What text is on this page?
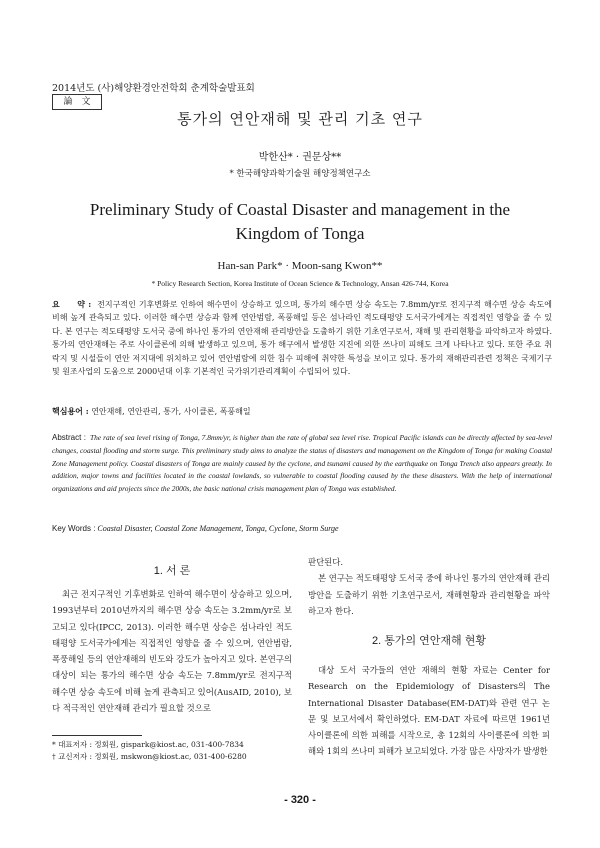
2014년도 (사)해양환경안전학회 춘계학술발표회
論　文
통가의 연안재해 및 관리 기초 연구
박한산* · 권문상**
* 한국해양과학기술원 해양정책연구소
Preliminary Study of Coastal Disaster and management in the Kingdom of Tonga
Han-san Park* · Moon-sang Kwon**
* Policy Research Section, Korea Institute of Ocean Science & Technology, Ansan 426-744, Korea
요　　약 : 전지구적인 기후변화로 인하여 해수면이 상승하고 있으며, 통가의 해수면 상승 속도는 7.8mm/yr로 전지구적 해수면 상승 속도에 비해 높게 관측되고 있다. 이러한 해수면 상승과 함께 연안범람, 폭풍해일 등은 섬나라인 적도태평양 도서국가에게는 직접적인 영향을 줄 수 있다. 본 연구는 적도태평양 도서국 중에 하나인 통가의 연안재해 관리방안을 도출하기 위한 기초연구로서, 재해 및 관리현황을 파악하고자 하였다. 통가의 연안재해는 주로 사이클론에 의해 발생하고 있으며, 통가 해구에서 발생한 지진에 의한 쓰나미 피해도 크게 나타나고 있다. 또한 주요 취락지 및 시설들이 연안 저지대에 위치하고 있어 연안범람에 의한 침수 피해에 취약한 특성을 보이고 있다. 통가의 재해관리관련 정책은 국제기구 및 원조사업의 도움으로 2000년대 이후 기본적인 국가위기관리계획이 수립되어 있다.
핵심용어 : 연안재해, 연안관리, 통가, 사이클론, 폭풍해일
Abstract : The rate of sea level rising of Tonga, 7.8mm/yr, is higher than the rate of global sea level rise. Tropical Pacific islands can be directly affected by sea-level changes, coastal flooding and storm surge. This preliminary study aims to analyze the status of disasters and management on the Kingdom of Tonga for making Coastal Zone Management policy. Coastal disasters of Tonga are mainly caused by the cyclone, and tsunami caused by the earthquake on Tonga Trench also appears greatly. In addition, major towns and facilities located in the coastal lowlands, so vulnerable to coastal flooding caused by the these disasters. With the help of international organizations and aid projects since the 2000s, the basic national crisis management plan of Tonga was established.
Key Words : Coastal Disaster, Coastal Zone Management, Tonga, Cyclone, Storm Surge
1. 서 론

최근 전지구적인 기후변화로 인하여 해수면이 상승하고 있으며, 1993년부터 2010년까지의 해수면 상승 속도는 3.2mm/yr로 보고되고 있다(IPCC, 2013). 이러한 해수면 상승은 섬나라인 적도태평양 도서국가에게는 직접적인 영향을 줄 수 있으며, 연안범람, 폭풍해일 등의 연안재해의 빈도와 강도가 높아지고 있다. 본연구의 대상이 되는 통가의 해수면 상승 속도는 7.8mm/yr로 전지구적 해수면 상승 속도에 비해 높게 관측되고 있어(AusAID, 2010), 보다 적극적인 연안재해 관리가 필요할 것으로

* 대표저자 : 정회원, gispark@kiost.ac, 031-400-7834
† 교신저자 : 정회원, mskwon@kiost.ac, 031-400-6280

판단된다.

본 연구는 적도태평양 도서국 중에 하나인 통가의 연안재해 관리방안을 도출하기 위한 기초연구로서, 재해현황과 관리현황을 파악하고자 한다.

2. 통가의 연안재해 현황

대상 도서 국가들의 연안 재해의 현황 자료는 Center for Research on the Epidemiology of Disasters의 The International Disaster Database(EM-DAT)와 관련 연구 논문 및 보고서에서 확인하였다. EM-DAT 자료에 따르면 1961년 사이클론에 의한 피해를 시작으로, 총 12회의 사이클론에 의한 피해와 1회의 쓰나미 피해가 보고되었다. 가장 많은 사망자가 발생한

- 320 -
